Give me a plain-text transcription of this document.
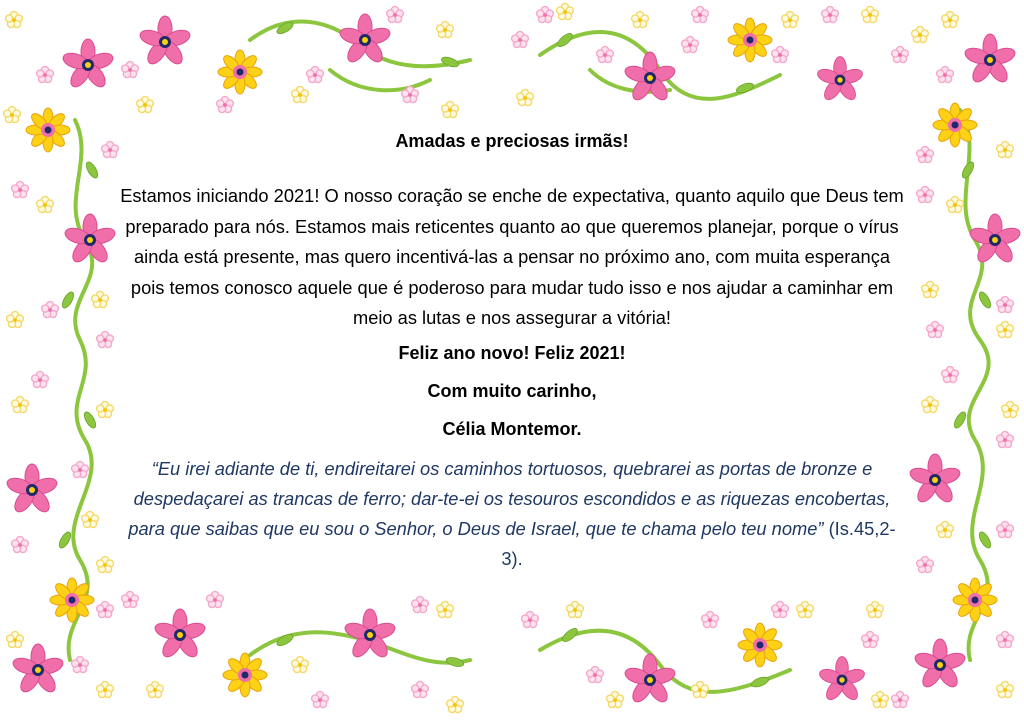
Amadas e preciosas irmãs!

Estamos iniciando 2021! O nosso coração se enche de expectativa, quanto aquilo que Deus tem preparado para nós. Estamos mais reticentes quanto ao que queremos planejar, porque o vírus ainda está presente, mas quero incentivá-las a pensar no próximo ano, com muita esperança pois temos conosco aquele que é poderoso para mudar tudo isso e nos ajudar a caminhar em meio as lutas e nos assegurar a vitória!

Feliz ano novo! Feliz 2021!

Com muito carinho,

Célia Montemor.

“Eu irei adiante de ti, endireitarei os caminhos tortuosos, quebrarei as portas de bronze e despedaçarei as trancas de ferro; dar-te-ei os tesouros escondidos e as riquezas encobertas, para que saibas que eu sou o Senhor, o Deus de Israel, que te chama pelo teu nome” (Is.45,2-3).
